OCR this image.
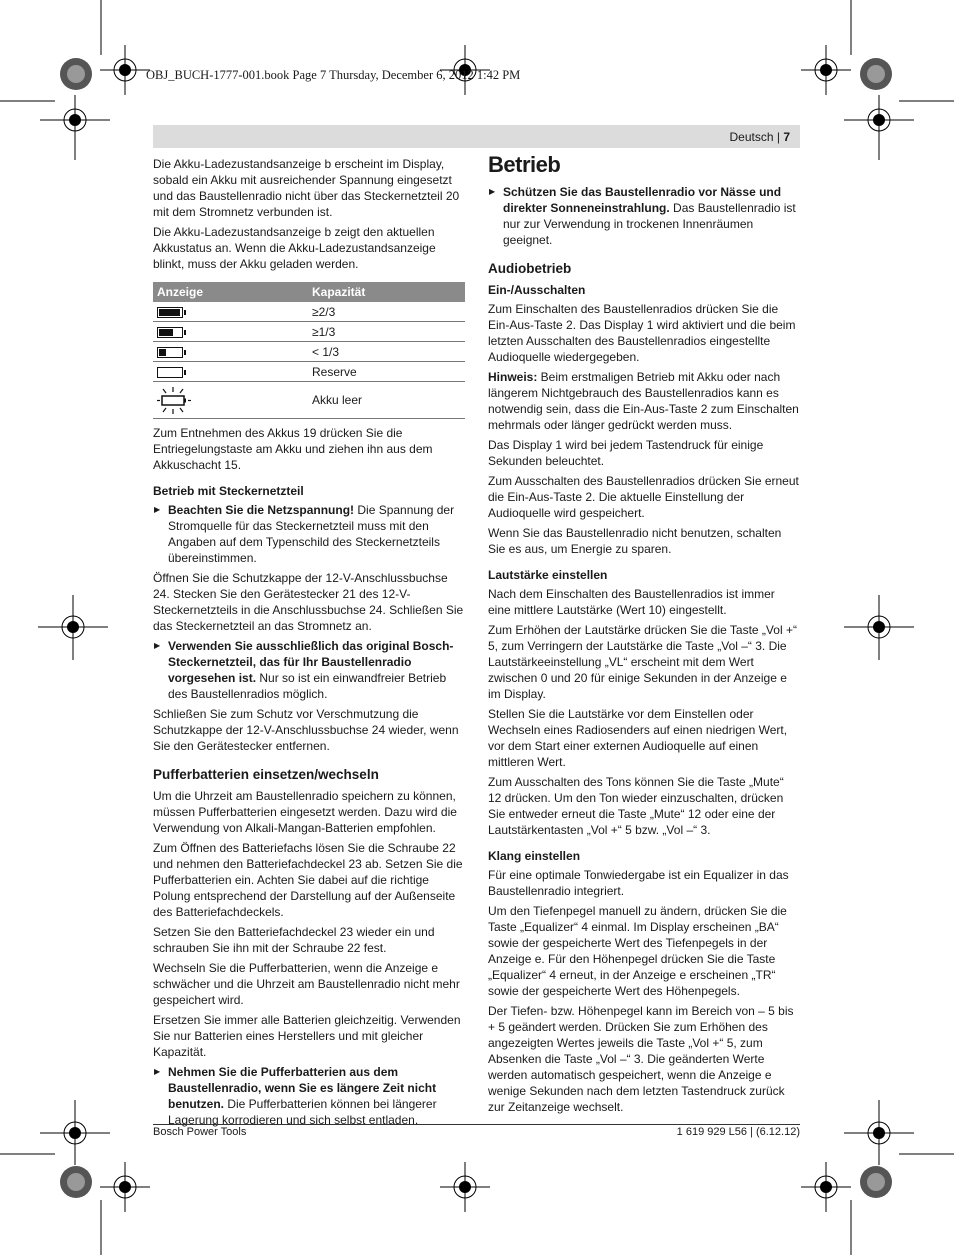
OBJ_BUCH-1777-001.book Page 7 Thursday, December 6, 2012 1:42 PM
Deutsch | 7

Die Akku-Ladezustandsanzeige b erscheint im Display, sobald ein Akku mit ausreichender Spannung eingesetzt und das Baustellenradio nicht über das Steckernetzteil 20 mit dem Stromnetz verbunden ist.

Die Akku-Ladezustandsanzeige b zeigt den aktuellen Akkustatus an. Wenn die Akku-Ladezustandsanzeige blinkt, muss der Akku geladen werden.

Anzeige	Kapazität

	≥2/3

	≥1/3

	< 1/3
	Reserve
	Akku leer

Zum Entnehmen des Akkus 19 drücken Sie die Entriegelungstaste am Akku und ziehen ihn aus dem Akkuschacht 15.

Betrieb mit Steckernetzteil

▶ Beachten Sie die Netzspannung! Die Spannung der Stromquelle für das Steckernetzteil muss mit den Angaben auf dem Typenschild des Steckernetzteils übereinstimmen.

Öffnen Sie die Schutzkappe der 12-V-Anschlussbuchse 24. Stecken Sie den Gerätestecker 21 des 12-V-Steckernetzteils in die Anschlussbuchse 24. Schließen Sie das Steckernetzteil an das Stromnetz an.

▶ Verwenden Sie ausschließlich das original Bosch-Steckernetzteil, das für Ihr Baustellenradio vorgesehen ist. Nur so ist ein einwandfreier Betrieb des Baustellenradios möglich.

Schließen Sie zum Schutz vor Verschmutzung die Schutzkappe der 12-V-Anschlussbuchse 24 wieder, wenn Sie den Gerätestecker entfernen.

Pufferbatterien einsetzen/wechseln

Um die Uhrzeit am Baustellenradio speichern zu können, müssen Pufferbatterien eingesetzt werden. Dazu wird die Verwendung von Alkali-Mangan-Batterien empfohlen.

Zum Öffnen des Batteriefachs lösen Sie die Schraube 22 und nehmen den Batteriefachdeckel 23 ab. Setzen Sie die Pufferbatterien ein. Achten Sie dabei auf die richtige Polung entsprechend der Darstellung auf der Außenseite des Batteriefachdeckels.

Setzen Sie den Batteriefachdeckel 23 wieder ein und schrauben Sie ihn mit der Schraube 22 fest.

Wechseln Sie die Pufferbatterien, wenn die Anzeige e schwächer und die Uhrzeit am Baustellenradio nicht mehr gespeichert wird.

Ersetzen Sie immer alle Batterien gleichzeitig. Verwenden Sie nur Batterien eines Herstellers und mit gleicher Kapazität.

▶ Nehmen Sie die Pufferbatterien aus dem Baustellenradio, wenn Sie es längere Zeit nicht benutzen. Die Pufferbatterien können bei längerer Lagerung korrodieren und sich selbst entladen.

Betrieb

▶ Schützen Sie das Baustellenradio vor Nässe und direkter Sonneneinstrahlung. Das Baustellenradio ist nur zur Verwendung in trockenen Innenräumen geeignet.

Audiobetrieb
Ein-/Ausschalten

Zum Einschalten des Baustellenradios drücken Sie die Ein-Aus-Taste 2. Das Display 1 wird aktiviert und die beim letzten Ausschalten des Baustellenradios eingestellte Audioquelle wiedergegeben.

Hinweis: Beim erstmaligen Betrieb mit Akku oder nach längerem Nichtgebrauch des Baustellenradios kann es notwendig sein, dass die Ein-Aus-Taste 2 zum Einschalten mehrmals oder länger gedrückt werden muss.

Das Display 1 wird bei jedem Tastendruck für einige Sekunden beleuchtet.

Zum Ausschalten des Baustellenradios drücken Sie erneut die Ein-Aus-Taste 2. Die aktuelle Einstellung der Audioquelle wird gespeichert.

Wenn Sie das Baustellenradio nicht benutzen, schalten Sie es aus, um Energie zu sparen.

Lautstärke einstellen

Nach dem Einschalten des Baustellenradios ist immer eine mittlere Lautstärke (Wert 10) eingestellt.

Zum Erhöhen der Lautstärke drücken Sie die Taste „Vol +“ 5, zum Verringern der Lautstärke die Taste „Vol –“ 3. Die Lautstärkeeinstellung „VL“ erscheint mit dem Wert zwischen 0 und 20 für einige Sekunden in der Anzeige e im Display.

Stellen Sie die Lautstärke vor dem Einstellen oder Wechseln eines Radiosenders auf einen niedrigen Wert, vor dem Start einer externen Audioquelle auf einen mittleren Wert.

Zum Ausschalten des Tons können Sie die Taste „Mute“ 12 drücken. Um den Ton wieder einzuschalten, drücken Sie entweder erneut die Taste „Mute“ 12 oder eine der Lautstärkentasten „Vol +“ 5 bzw. „Vol –“ 3.

Klang einstellen

Für eine optimale Tonwiedergabe ist ein Equalizer in das Baustellenradio integriert.

Um den Tiefenpegel manuell zu ändern, drücken Sie die Taste „Equalizer“ 4 einmal. Im Display erscheinen „BA“ sowie der gespeicherte Wert des Tiefenpegels in der Anzeige e. Für den Höhenpegel drücken Sie die Taste „Equalizer“ 4 erneut, in der Anzeige e erscheinen „TR“ sowie der gespeicherte Wert des Höhenpegels.

Der Tiefen- bzw. Höhenpegel kann im Bereich von – 5 bis + 5 geändert werden. Drücken Sie zum Erhöhen des angezeigten Wertes jeweils die Taste „Vol +“ 5, zum Absenken die Taste „Vol –“ 3. Die geänderten Werte werden automatisch gespeichert, wenn die Anzeige e wenige Sekunden nach dem letzten Tastendruck zurück zur Zeitanzeige wechselt.

Bosch Power Tools	1 619 929 L56 | (6.12.12)
